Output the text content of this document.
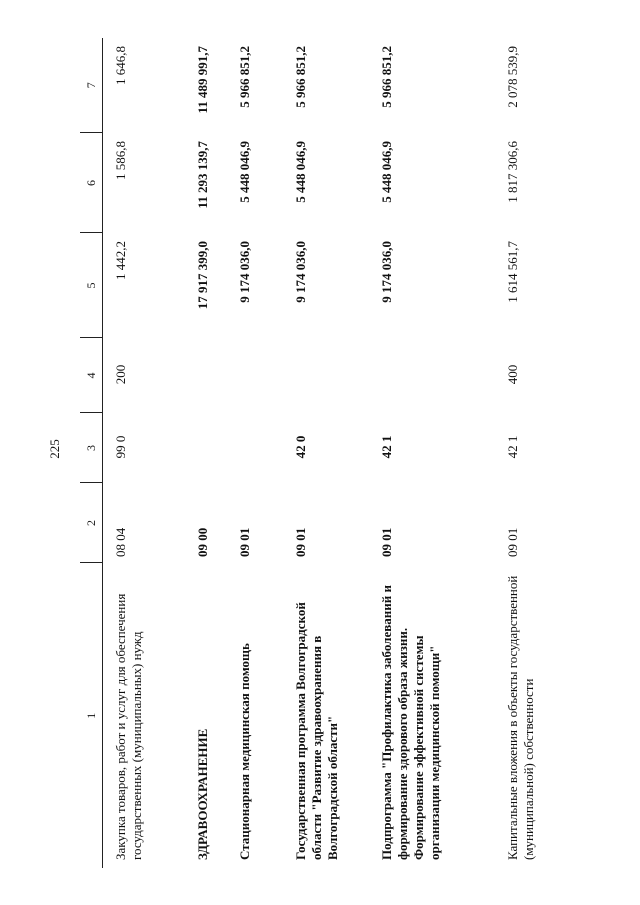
225
1	2	3	4	5	6	7
Закупка товаров, работ и услуг для обеспечения государственных (муниципальных) нужд	08 04	99 0	200	1 442,2	1 586,8	1 646,8
ЗДРАВООХРАНЕНИЕ	09 00			17 917 399,0	11 293 139,7	11 489 991,7
Стационарная медицинская помощь	09 01			9 174 036,0	5 448 046,9	5 966 851,2
Государственная программа Волгоградской области "Развитие здравоохранения в Волгоградской области"	09 01	42 0		9 174 036,0	5 448 046,9	5 966 851,2
Подпрограмма "Профилактика заболеваний и формирование здорового образа жизни. Формирование эффективной системы организации медицинской помощи"	09 01	42 1		9 174 036,0	5 448 046,9	5 966 851,2
Капитальные вложения в объекты государственной (муниципальной) собственности	09 01	42 1	400	1 614 561,7	1 817 306,6	2 078 539,9
